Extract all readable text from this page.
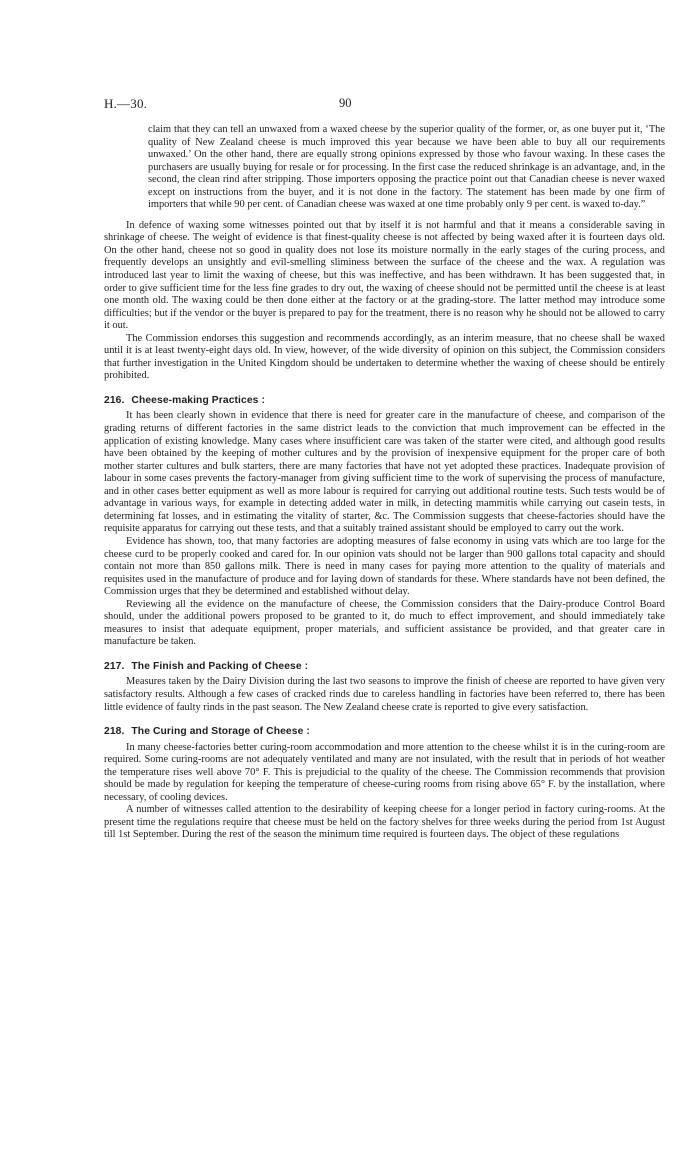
H.—30.	90

claim that they can tell an unwaxed from a waxed cheese by the superior quality of the former, or, as one buyer put it, ‘The quality of New Zealand cheese is much improved this year because we have been able to buy all our requirements unwaxed.’ On the other hand, there are equally strong opinions expressed by those who favour waxing. In these cases the purchasers are usually buying for resale or for processing. In the first case the reduced shrinkage is an advantage, and, in the second, the clean rind after stripping. Those importers opposing the practice point out that Canadian cheese is never waxed except on instructions from the buyer, and it is not done in the factory. The statement has been made by one firm of importers that while 90 per cent. of Canadian cheese was waxed at one time probably only 9 per cent. is waxed to-day.”

In defence of waxing some witnesses pointed out that by itself it is not harmful and that it means a considerable saving in shrinkage of cheese. The weight of evidence is that finest-quality cheese is not affected by being waxed after it is fourteen days old. On the other hand, cheese not so good in quality does not lose its moisture normally in the early stages of the curing process, and frequently develops an unsightly and evil-smelling sliminess between the surface of the cheese and the wax. A regulation was introduced last year to limit the waxing of cheese, but this was ineffective, and has been withdrawn. It has been suggested that, in order to give sufficient time for the less fine grades to dry out, the waxing of cheese should not be permitted until the cheese is at least one month old. The waxing could be then done either at the factory or at the grading-store. The latter method may introduce some difficulties; but if the vendor or the buyer is prepared to pay for the treatment, there is no reason why he should not be allowed to carry it out.

The Commission endorses this suggestion and recommends accordingly, as an interim measure, that no cheese shall be waxed until it is at least twenty-eight days old. In view, however, of the wide diversity of opinion on this subject, the Commission considers that further investigation in the United Kingdom should be undertaken to determine whether the waxing of cheese should be entirely prohibited.

216. Cheese-making Practices :

It has been clearly shown in evidence that there is need for greater care in the manufacture of cheese, and comparison of the grading returns of different factories in the same district leads to the conviction that much improvement can be effected in the application of existing knowledge. Many cases where insufficient care was taken of the starter were cited, and although good results have been obtained by the keeping of mother cultures and by the provision of inexpensive equipment for the proper care of both mother starter cultures and bulk starters, there are many factories that have not yet adopted these practices. Inadequate provision of labour in some cases prevents the factory-manager from giving sufficient time to the work of supervising the process of manufacture, and in other cases better equipment as well as more labour is required for carrying out additional routine tests. Such tests would be of advantage in various ways, for example in detecting added water in milk, in detecting mammitis while carrying out casein tests, in determining fat losses, and in estimating the vitality of starter, &c. The Commission suggests that cheese-factories should have the requisite apparatus for carrying out these tests, and that a suitably trained assistant should be employed to carry out the work.

Evidence has shown, too, that many factories are adopting measures of false economy in using vats which are too large for the cheese curd to be properly cooked and cared for. In our opinion vats should not be larger than 900 gallons total capacity and should contain not more than 850 gallons milk. There is need in many cases for paying more attention to the quality of materials and requisites used in the manufacture of produce and for laying down of standards for these. Where standards have not been defined, the Commission urges that they be determined and established without delay.

Reviewing all the evidence on the manufacture of cheese, the Commission considers that the Dairy-produce Control Board should, under the additional powers proposed to be granted to it, do much to effect improvement, and should immediately take measures to insist that adequate equipment, proper materials, and sufficient assistance be provided, and that greater care in manufacture be taken.

217. The Finish and Packing of Cheese :

Measures taken by the Dairy Division during the last two seasons to improve the finish of cheese are reported to have given very satisfactory results. Although a few cases of cracked rinds due to careless handling in factories have been referred to, there has been little evidence of faulty rinds in the past season. The New Zealand cheese crate is reported to give every satisfaction.

218. The Curing and Storage of Cheese :

In many cheese-factories better curing-room accommodation and more attention to the cheese whilst it is in the curing-room are required. Some curing-rooms are not adequately ventilated and many are not insulated, with the result that in periods of hot weather the temperature rises well above 70° F. This is prejudicial to the quality of the cheese. The Commission recommends that provision should be made by regulation for keeping the temperature of cheese-curing rooms from rising above 65° F. by the installation, where necessary, of cooling devices.

A number of witnesses called attention to the desirability of keeping cheese for a longer period in factory curing-rooms. At the present time the regulations require that cheese must be held on the factory shelves for three weeks during the period from 1st August till 1st September. During the rest of the season the minimum time required is fourteen days. The object of these regulations
